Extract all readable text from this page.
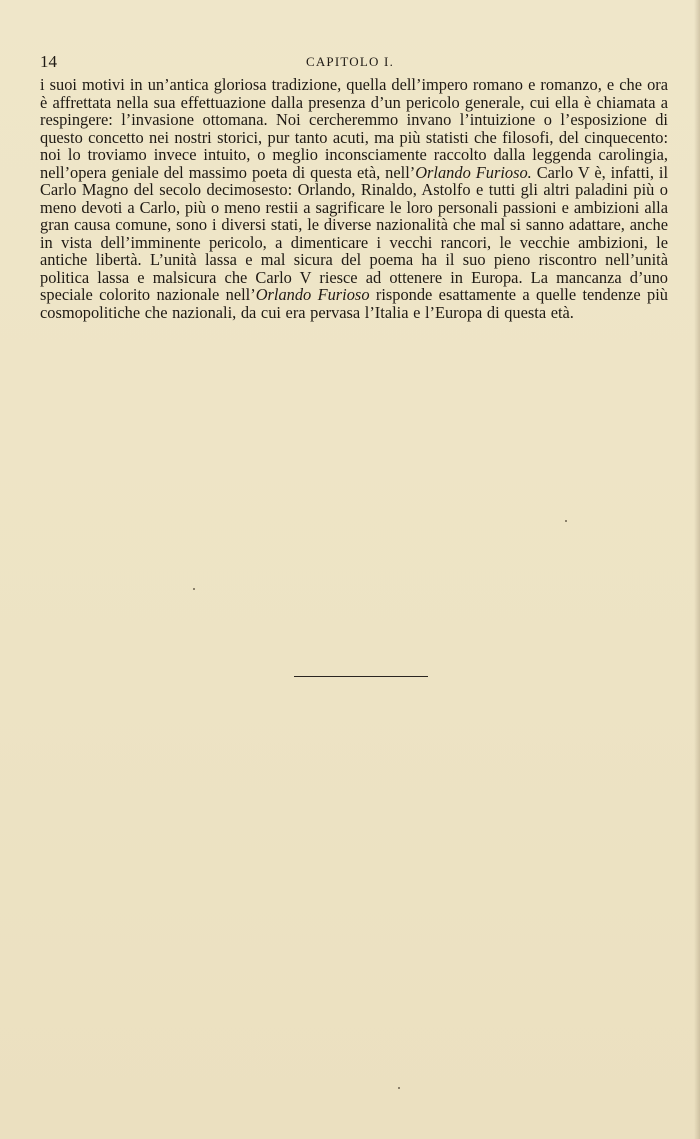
14	CAPITOLO I.

i suoi motivi in un’antica gloriosa tradizione, quella dell’impero romano e romanzo, e che ora è affrettata nella sua effettuazione dalla presenza d’un pericolo generale, cui ella è chiamata a respingere: l’invasione ottomana. Noi cercheremmo invano l’intuizione o l’esposizione di questo concetto nei nostri storici, pur tanto acuti, ma più statisti che filosofi, del cinquecento: noi lo troviamo invece intuito, o meglio inconsciamente raccolto dalla leggenda carolingia, nell’opera geniale del massimo poeta di questa età, nell’Orlando Furioso. Carlo V è, infatti, il Carlo Magno del secolo decimosesto: Orlando, Rinaldo, Astolfo e tutti gli altri paladini più o meno devoti a Carlo, più o meno restii a sagrificare le loro personali passioni e ambizioni alla gran causa comune, sono i diversi stati, le diverse nazionalità che mal si sanno adattare, anche in vista dell’imminente pericolo, a dimenticare i vecchi rancori, le vecchie ambizioni, le antiche libertà. L’unità lassa e mal sicura del poema ha il suo pieno riscontro nell’unità politica lassa e malsicura che Carlo V riesce ad ottenere in Europa. La mancanza d’uno speciale colorito nazionale nell’Orlando Furioso risponde esattamente a quelle tendenze più cosmopolitiche che nazionali, da cui era pervasa l’Italia e l’Europa di questa età.
